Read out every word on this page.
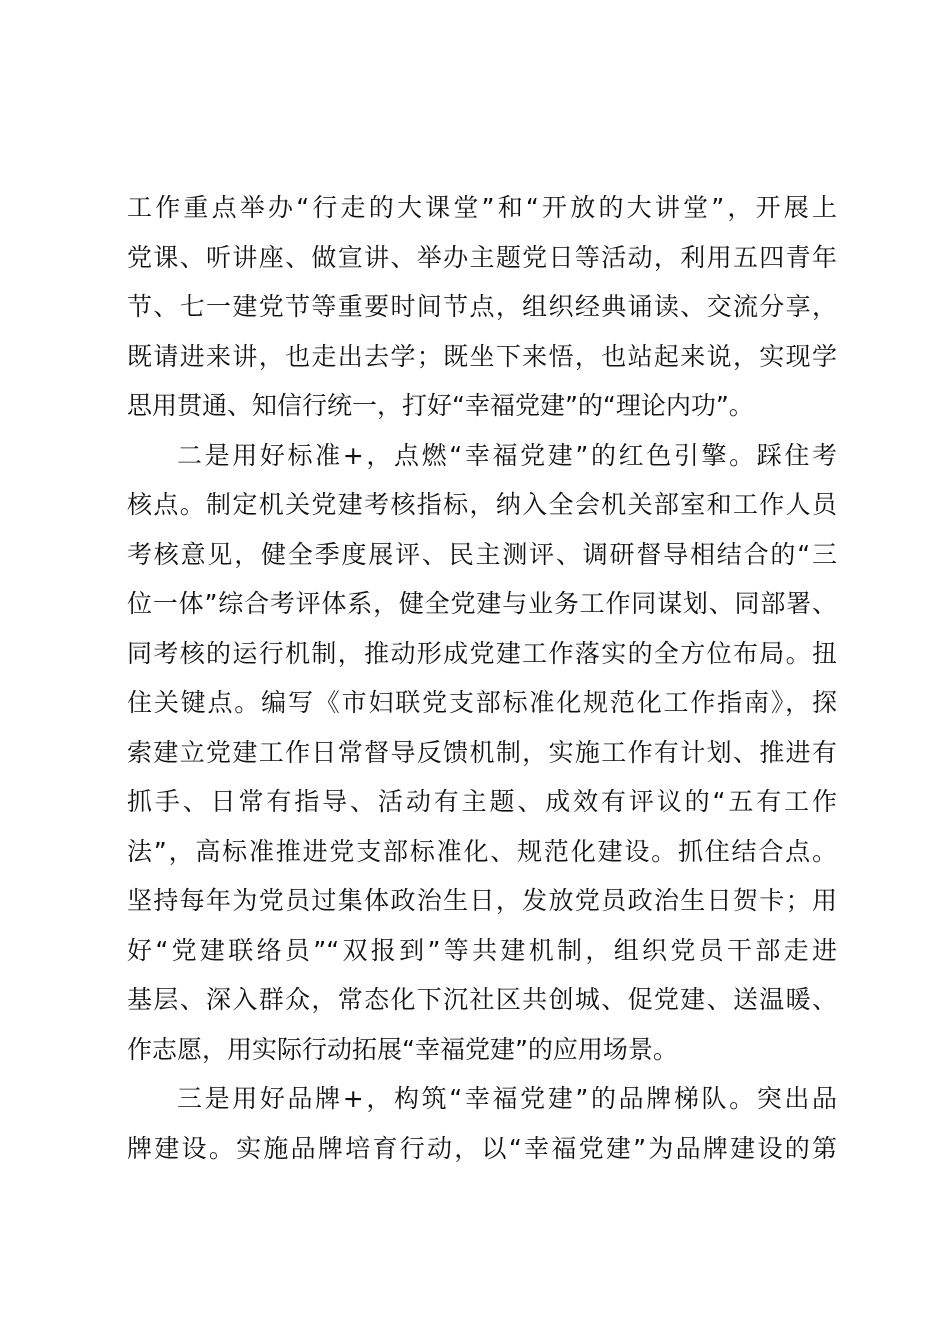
工作重点举办“行走的大课堂”和“开放的大讲堂”，开展上
党课、听讲座、做宣讲、举办主题党日等活动，利用五四青年
节、七一建党节等重要时间节点，组织经典诵读、交流分享，
既请进来讲，也走出去学；既坐下来悟，也站起来说，实现学
思用贯通、知信行统一，打好“幸福党建”的“理论内功”。
二是用好标准+，点燃“幸福党建”的红色引擎。踩住考
核点。制定机关党建考核指标，纳入全会机关部室和工作人员
考核意见，健全季度展评、民主测评、调研督导相结合的“三
位一体”综合考评体系，健全党建与业务工作同谋划、同部署、
同考核的运行机制，推动形成党建工作落实的全方位布局。扭
住关键点。编写《市妇联党支部标准化规范化工作指南》，探
索建立党建工作日常督导反馈机制，实施工作有计划、推进有
抓手、日常有指导、活动有主题、成效有评议的“五有工作
法”，高标准推进党支部标准化、规范化建设。抓住结合点。
坚持每年为党员过集体政治生日，发放党员政治生日贺卡；用
好“党建联络员”“双报到”等共建机制，组织党员干部走进
基层、深入群众，常态化下沉社区共创城、促党建、送温暖、
作志愿，用实际行动拓展“幸福党建”的应用场景。
三是用好品牌+，构筑“幸福党建”的品牌梯队。突出品
牌建设。实施品牌培育行动，以“幸福党建”为品牌建设的第
